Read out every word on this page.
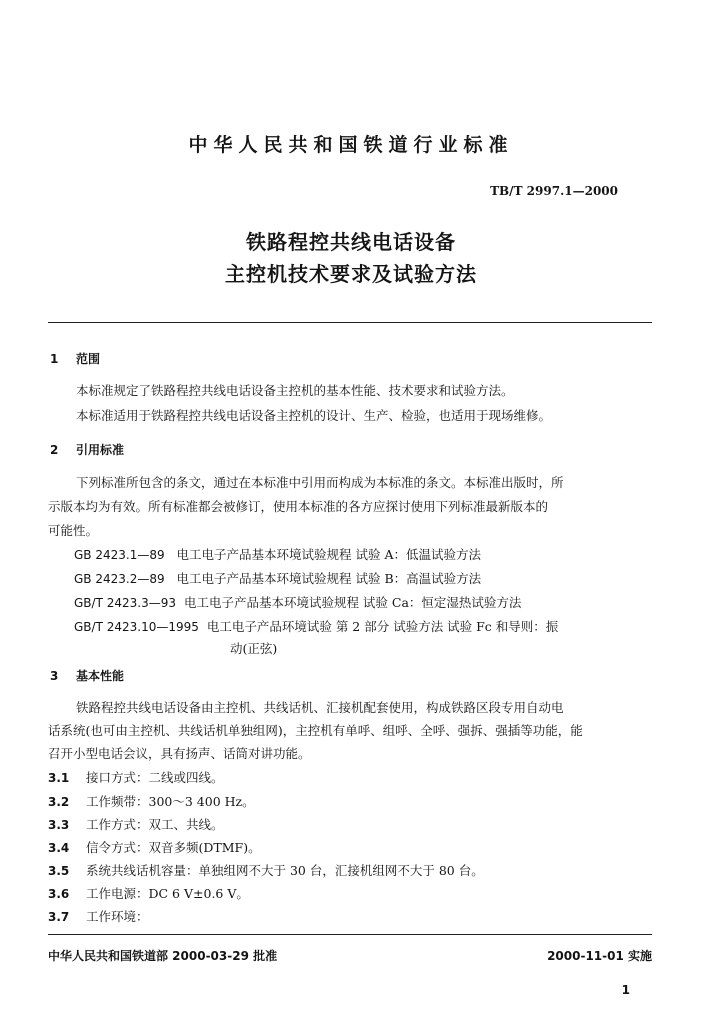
中华人民共和国铁道行业标准
TB/T 2997.1—2000
铁路程控共线电话设备
主控机技术要求及试验方法
1 范围
本标准规定了铁路程控共线电话设备主控机的基本性能、技术要求和试验方法。
本标准适用于铁路程控共线电话设备主控机的设计、生产、检验，也适用于现场维修。
2 引用标准
下列标准所包含的条文，通过在本标准中引用而构成为本标准的条文。本标准出版时，所
示版本均为有效。所有标准都会被修订，使用本标准的各方应探讨使用下列标准最新版本的
可能性。
GB 2423.1—89 电工电子产品基本环境试验规程 试验 A：低温试验方法
GB 2423.2—89 电工电子产品基本环境试验规程 试验 B：高温试验方法
GB/T 2423.3—93 电工电子产品基本环境试验规程 试验 Ca：恒定湿热试验方法
GB/T 2423.10—1995 电工电子产品环境试验 第 2 部分 试验方法 试验 Fc 和导则：振
动(正弦)
3 基本性能
铁路程控共线电话设备由主控机、共线话机、汇接机配套使用，构成铁路区段专用自动电
话系统(也可由主控机、共线话机单独组网)，主控机有单呼、组呼、全呼、强拆、强插等功能，能
召开小型电话会议，具有扬声、话筒对讲功能。
3.1 接口方式：二线或四线。
3.2 工作频带：300～3 400 Hz。
3.3 工作方式：双工、共线。
3.4 信令方式：双音多频(DTMF)。
3.5 系统共线话机容量：单独组网不大于 30 台，汇接机组网不大于 80 台。
3.6 工作电源：DC 6 V±0.6 V。
3.7 工作环境：
中华人民共和国铁道部 2000-03-29 批准	2000-11-01 实施
1
